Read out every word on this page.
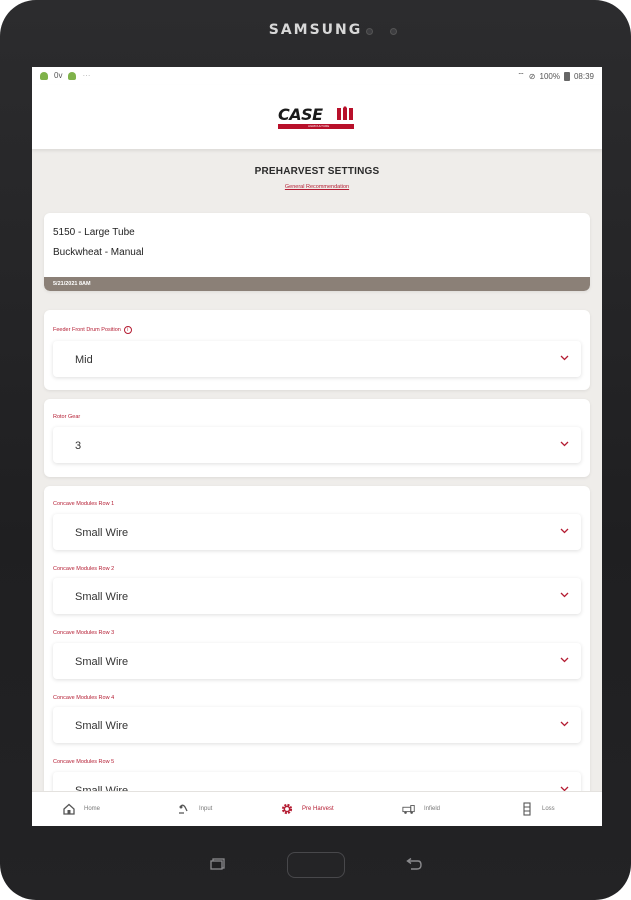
SAMSUNG
0v	⋯	⌔ ⊘ 100% 08:39
CASE
AGRICULTURE
PREHARVEST SETTINGS
General Recommendation
5150 - Large Tube
Buckwheat - Manual
5/21/2021 8AM
Feeder Front Drum Position	i
Mid
Rotor Gear
3
Concave Modules Row 1
Small Wire
Concave Modules Row 2
Small Wire
Concave Modules Row 3
Small Wire
Concave Modules Row 4
Small Wire
Concave Modules Row 5
Home	Input	Pre Harvest	Infield	Loss
